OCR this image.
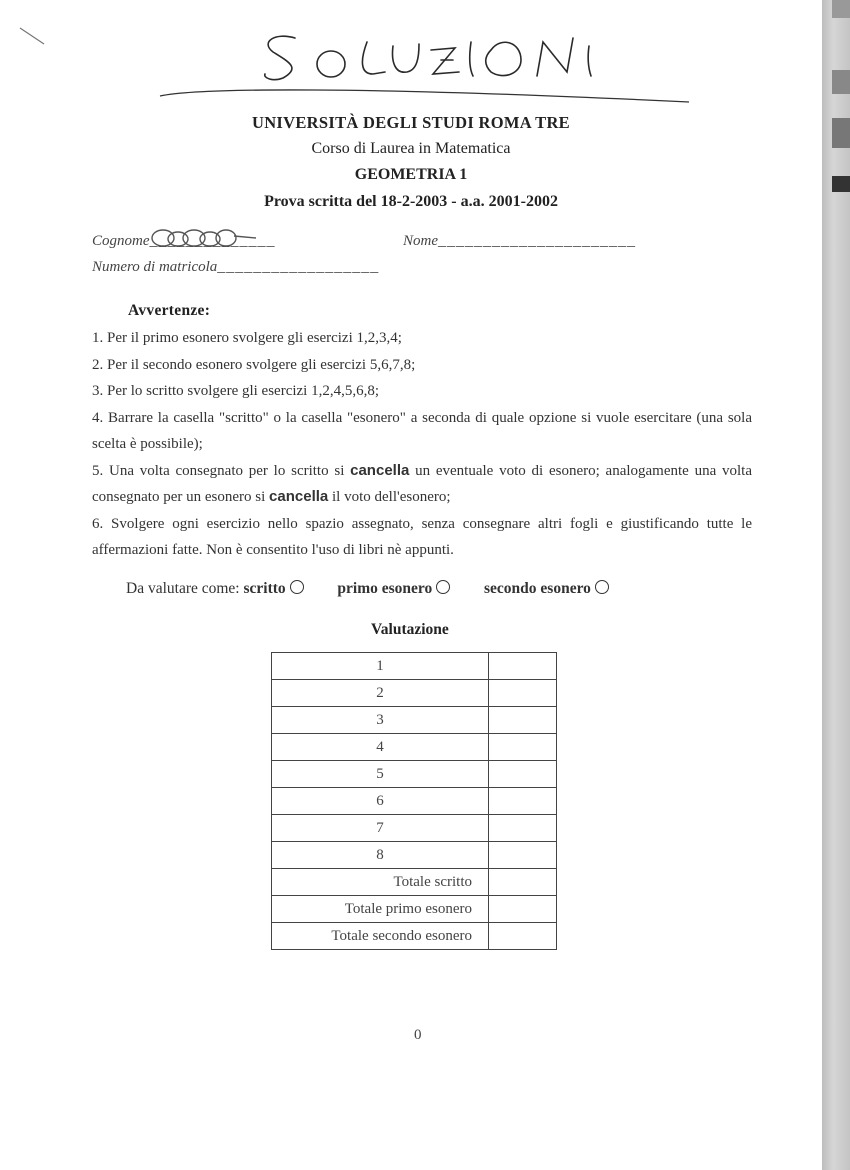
UNIVERSITÀ DEGLI STUDI ROMA TRE
Corso di Laurea in Matematica
GEOMETRIA 1
Prova scritta del 18-2-2003 - a.a. 2001-2002
Cognome__
____________	Nome______________________
Numero di matricola__________________
Avvertenze:
1. Per il primo esonero svolgere gli esercizi 1,2,3,4;
2. Per il secondo esonero svolgere gli esercizi 5,6,7,8;
3. Per lo scritto svolgere gli esercizi 1,2,4,5,6,8;
4. Barrare la casella "scritto" o la casella "esonero" a seconda di quale opzione si vuole esercitare (una sola scelta è possibile);
5. Una volta consegnato per lo scritto si cancella un eventuale voto di esonero; analogamente una volta consegnato per un esonero si cancella il voto dell'esonero;
6. Svolgere ogni esercizio nello spazio assegnato, senza consegnare altri fogli e giustificando tutte le affermazioni fatte. Non è consentito l'uso di libri nè appunti.
Da valutare come: scritto	primo esonero	secondo esonero
Valutazione
1	
2	
3	
4	
5	
6	
7	
8	
Totale scritto	
Totale primo esonero	
Totale secondo esonero	
0
